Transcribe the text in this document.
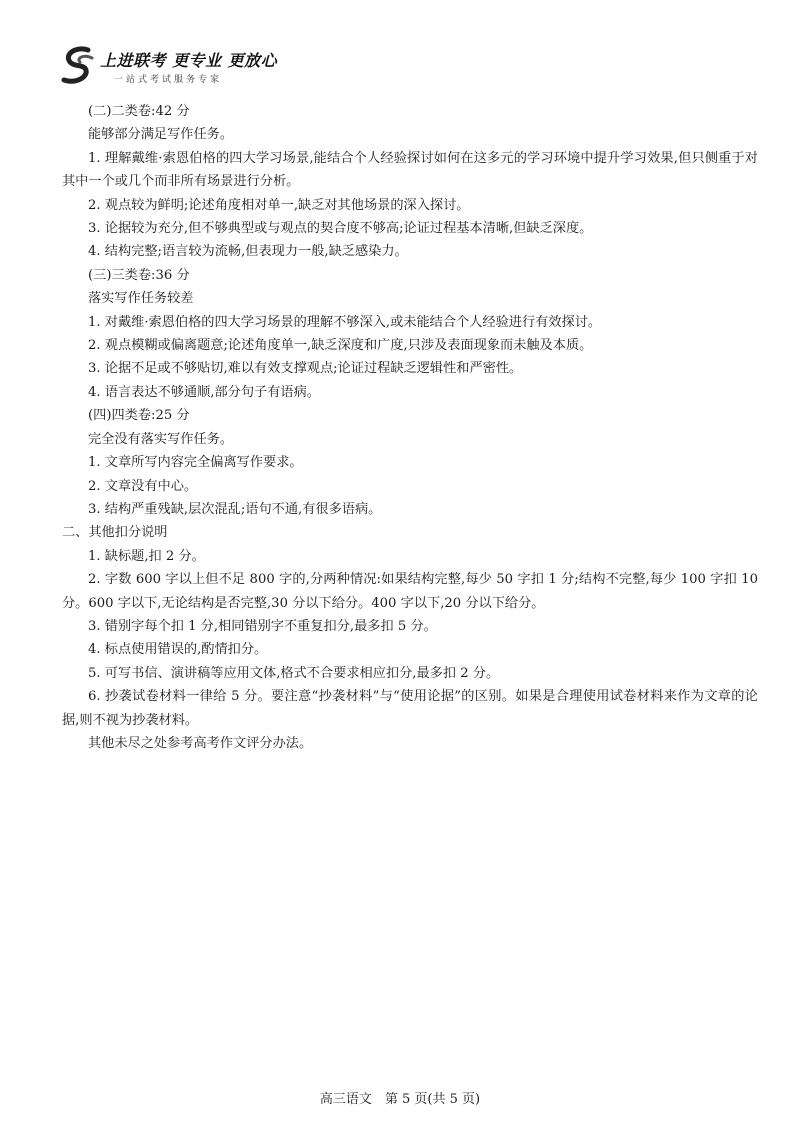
上进联考 更专业 更放心
一站式考试服务专家

(二)二类卷:42 分

能够部分满足写作任务。

1. 理解戴维·索恩伯格的四大学习场景,能结合个人经验探讨如何在这多元的学习环境中提升学习效果,但只侧重于对其中一个或几个而非所有场景进行分析。

2. 观点较为鲜明;论述角度相对单一,缺乏对其他场景的深入探讨。

3. 论据较为充分,但不够典型或与观点的契合度不够高;论证过程基本清晰,但缺乏深度。

4. 结构完整;语言较为流畅,但表现力一般,缺乏感染力。

(三)三类卷:36 分

落实写作任务较差

1. 对戴维·索恩伯格的四大学习场景的理解不够深入,或未能结合个人经验进行有效探讨。

2. 观点模糊或偏离题意;论述角度单一,缺乏深度和广度,只涉及表面现象而未触及本质。

3. 论据不足或不够贴切,难以有效支撑观点;论证过程缺乏逻辑性和严密性。

4. 语言表达不够通顺,部分句子有语病。

(四)四类卷:25 分

完全没有落实写作任务。

1. 文章所写内容完全偏离写作要求。

2. 文章没有中心。

3. 结构严重残缺,层次混乱;语句不通,有很多语病。

二、其他扣分说明

1. 缺标题,扣 2 分。

2. 字数 600 字以上但不足 800 字的,分两种情况:如果结构完整,每少 50 字扣 1 分;结构不完整,每少 100 字扣 10 分。600 字以下,无论结构是否完整,30 分以下给分。400 字以下,20 分以下给分。

3. 错别字每个扣 1 分,相同错别字不重复扣分,最多扣 5 分。

4. 标点使用错误的,酌情扣分。

5. 可写书信、演讲稿等应用文体,格式不合要求相应扣分,最多扣 2 分。

6. 抄袭试卷材料一律给 5 分。要注意“抄袭材料”与“使用论据”的区别。如果是合理使用试卷材料来作为文章的论据,则不视为抄袭材料。

其他未尽之处参考高考作文评分办法。

高三语文　第 5 页(共 5 页)
